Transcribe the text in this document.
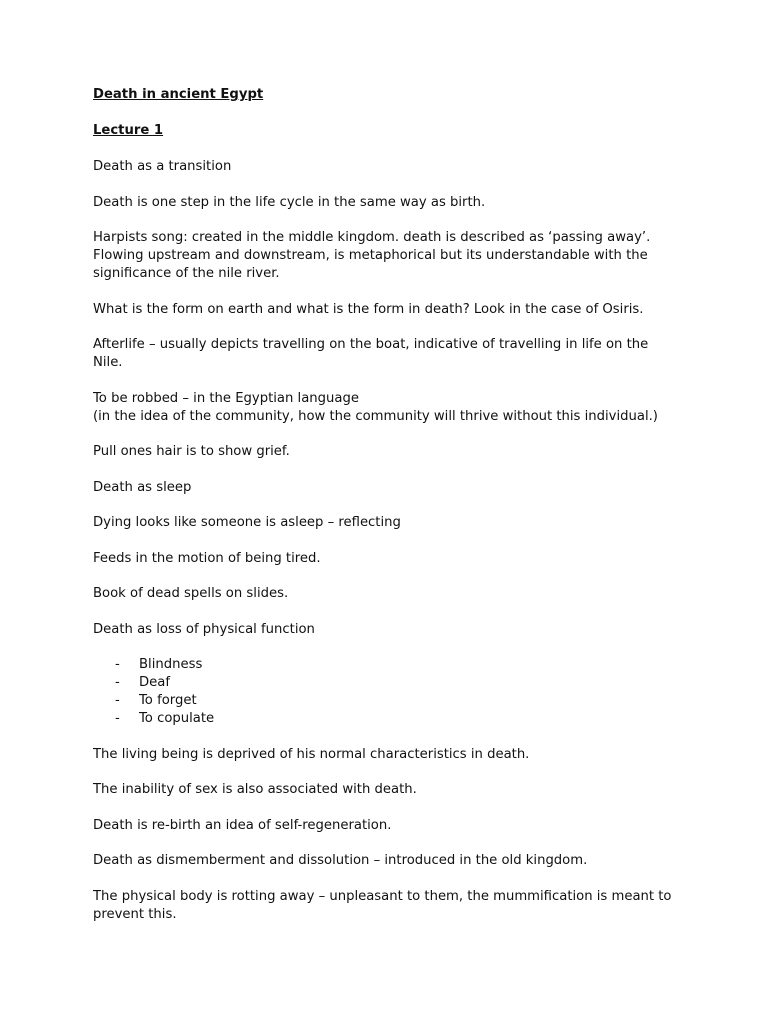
Death in ancient Egypt
Lecture 1

Death as a transition

Death is one step in the life cycle in the same way as birth.

Harpists song: created in the middle kingdom. death is described as ‘passing away’. Flowing upstream and downstream, is metaphorical but its understandable with the significance of the nile river.

What is the form on earth and what is the form in death? Look in the case of Osiris.

Afterlife – usually depicts travelling on the boat, indicative of travelling in life on the Nile.

To be robbed – in the Egyptian language
(in the idea of the community, how the community will thrive without this individual.)

Pull ones hair is to show grief.

Death as sleep

Dying looks like someone is asleep – reflecting

Feeds in the motion of being tired.

Book of dead spells on slides.

Death as loss of physical function

- Blindness
- Deaf
- To forget
- To copulate

The living being is deprived of his normal characteristics in death.

The inability of sex is also associated with death.

Death is re-birth an idea of self-regeneration.

Death as dismemberment and dissolution – introduced in the old kingdom.

The physical body is rotting away – unpleasant to them, the mummification is meant to prevent this.
